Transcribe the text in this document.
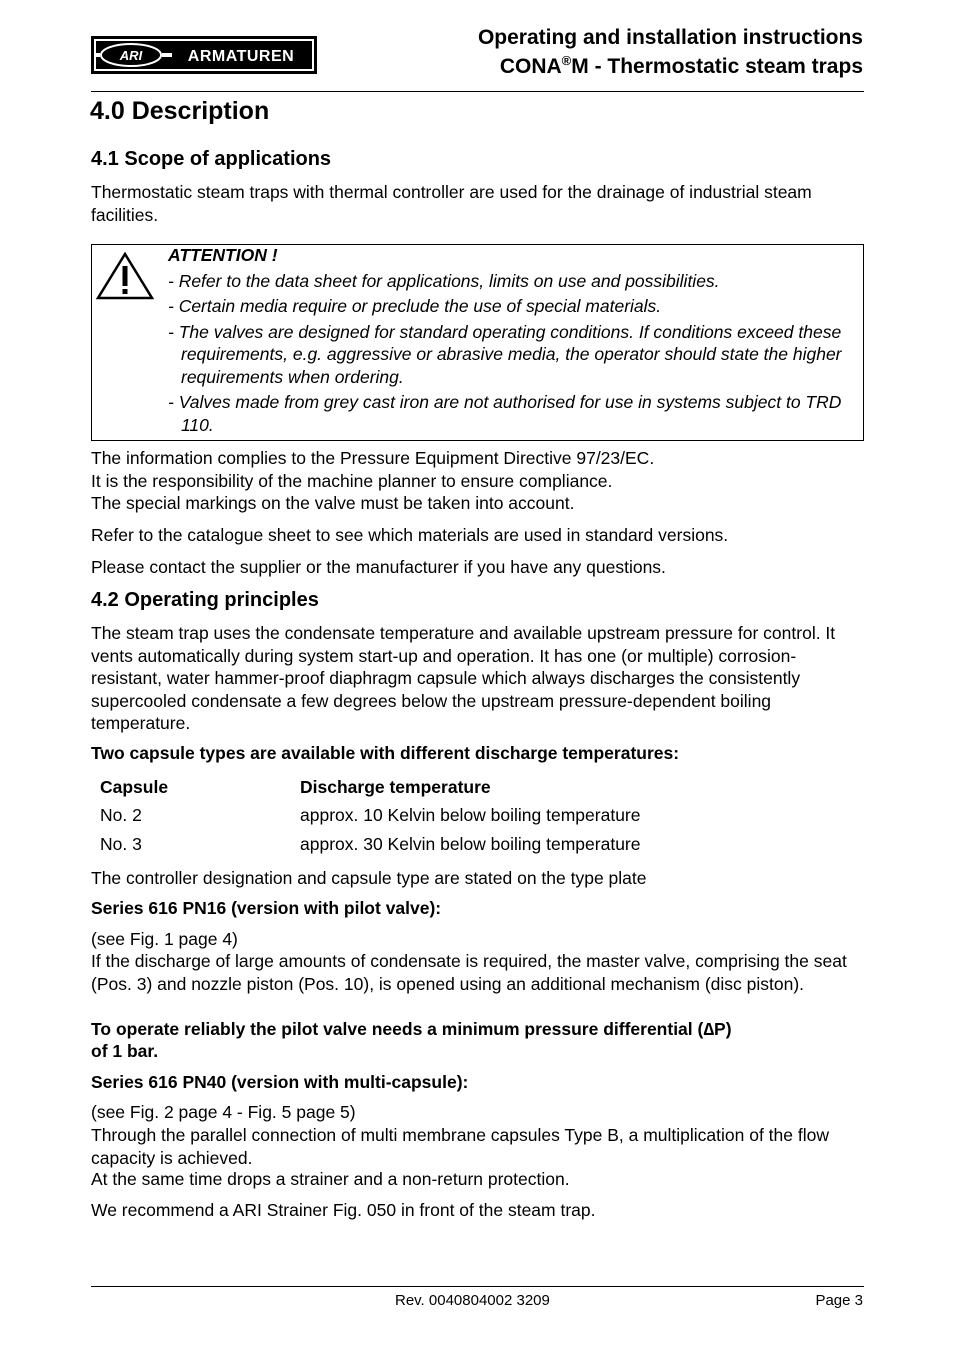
ARI	ARMATUREN
Operating and installation instructions
CONA®M - Thermostatic steam traps
4.0 Description
4.1 Scope of applications
Thermostatic steam traps with thermal controller are used for the drainage of industrial steam facilities.
ATTENTION !
- Refer to the data sheet for applications, limits on use and possibilities.
- Certain media require or preclude the use of special materials.
- The valves are designed for standard operating conditions. If conditions exceed these requirements, e.g. aggressive or abrasive media, the operator should state the higher requirements when ordering.
- Valves made from grey cast iron are not authorised for use in systems subject to TRD 110.
The information complies to the Pressure Equipment Directive 97/23/EC.
It is the responsibility of the machine planner to ensure compliance.
The special markings on the valve must be taken into account.
Refer to the catalogue sheet to see which materials are used in standard versions.
Please contact the supplier or the manufacturer if you have any questions.
4.2 Operating principles
The steam trap uses the condensate temperature and available upstream pressure for control. It vents automatically during system start-up and operation. It has one (or multiple) corrosion-resistant, water hammer-proof diaphragm capsule which always discharges the consistently supercooled condensate a few degrees below the upstream pressure-dependent boiling temperature.
Two capsule types are available with different discharge temperatures:
Capsule	Discharge temperature
No. 2	approx. 10 Kelvin below boiling temperature
No. 3	approx. 30 Kelvin below boiling temperature
The controller designation and capsule type are stated on the type plate
Series 616 PN16 (version with pilot valve):
(see Fig. 1 page 4)
If the discharge of large amounts of condensate is required, the master valve, comprising the seat (Pos. 3) and nozzle piston (Pos. 10), is opened using an additional mechanism (disc piston).
To operate reliably the pilot valve needs a minimum pressure differential (∆P)
of 1 bar.
Series 616 PN40 (version with multi-capsule):
(see Fig. 2 page 4 - Fig. 5 page 5)
Through the parallel connection of multi membrane capsules Type B, a multiplication of the flow capacity is achieved.
At the same time drops a strainer and a non-return protection.
We recommend a ARI Strainer Fig. 050 in front of the steam trap.
Rev. 0040804002 3209	Page 3
